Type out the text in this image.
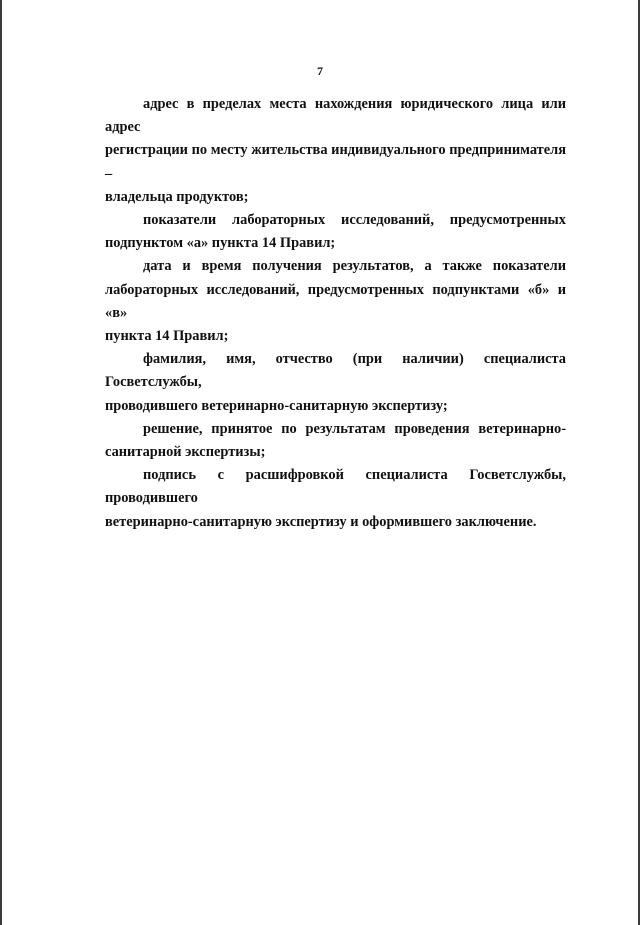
7
адрес в пределах места нахождения юридического лица или адрес
регистрации по месту жительства индивидуального предпринимателя –
владельца продуктов;
показатели лабораторных исследований, предусмотренных
подпунктом «а» пункта 14 Правил;
дата и время получения результатов, а также показатели
лабораторных исследований, предусмотренных подпунктами «б» и «в»
пункта 14 Правил;
фамилия, имя, отчество (при наличии) специалиста Госветслужбы,
проводившего ветеринарно-санитарную экспертизу;
решение, принятое по результатам проведения ветеринарно-
санитарной экспертизы;
подпись с расшифровкой специалиста Госветслужбы, проводившего
ветеринарно-санитарную экспертизу и оформившего заключение.
